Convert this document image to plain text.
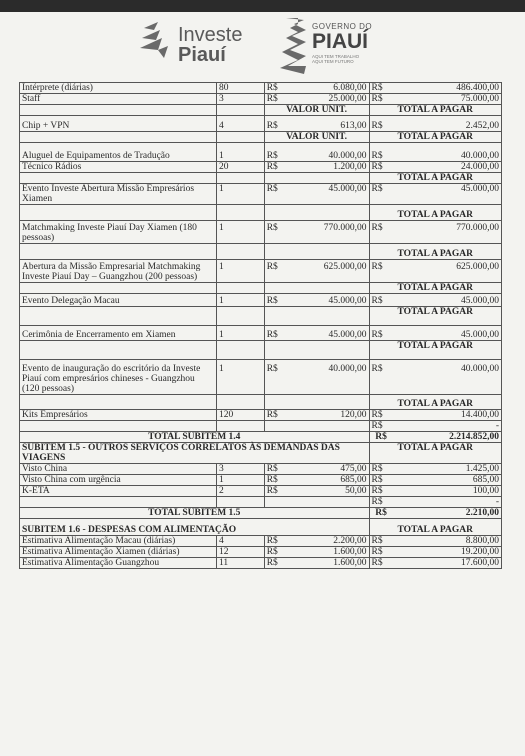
Investe
Piauí
GOVERNO DO
PIAUÍ
AQUI TEM TRABALHO
AQUI TEM FUTURO
Intérprete (diárias)	80	R$	6.080,00	R$	486.400,00
Staff	3	R$	25.000,00	R$	75.000,00
		VALOR UNIT.		TOTAL A PAGAR	
Chip + VPN	4	R$	613,00	R$	2.452,00
		VALOR UNIT.		TOTAL A PAGAR	
Aluguel de Equipamentos de Tradução	1	R$	40.000,00	R$	40.000,00
Técnico Rádios	20	R$	1.200,00	R$	24.000,00
				TOTAL A PAGAR	
Evento Investe Abertura Missão Empresários Xiamen	1	R$	45.000,00	R$	45.000,00
				TOTAL A PAGAR	
Matchmaking Investe Piauí Day Xiamen (180 pessoas)	1	R$	770.000,00	R$	770.000,00
				TOTAL A PAGAR	
Abertura da Missão Empresarial Matchmaking Investe Piauí Day – Guangzhou (200 pessoas)	1	R$	625.000,00	R$	625.000,00
				TOTAL A PAGAR	
Evento Delegação Macau	1	R$	45.000,00	R$	45.000,00
				TOTAL A PAGAR	
Cerimônia de Encerramento em Xiamen	1	R$	45.000,00	R$	45.000,00
				TOTAL A PAGAR	
Evento de inauguração do escritório da Investe Piauí com empresários chineses - Guangzhou (120 pessoas)	1	R$	40.000,00	R$	40.000,00
				TOTAL A PAGAR	
Kits Empresários	120	R$	120,00	R$	14.400,00
				R$	-
TOTAL SUBITEM 1.4				R$	2.214.852,00
SUBITEM 1.5 - OUTROS SERVIÇOS CORRELATOS ÀS DEMANDAS DAS VIAGENS				TOTAL A PAGAR	
Visto China	3	R$	475,00	R$	1.425,00
Visto China com urgência	1	R$	685,00	R$	685,00
K-ETA	2	R$	50,00	R$	100,00
				R$	-
TOTAL SUBITEM 1.5				R$	2.210,00
SUBITEM 1.6 - DESPESAS COM ALIMENTAÇÃO				TOTAL A PAGAR	
Estimativa Alimentação Macau (diárias)	4	R$	2.200,00	R$	8.800,00
Estimativa Alimentação Xiamen (diárias)	12	R$	1.600,00	R$	19.200,00
Estimativa Alimentação Guangzhou	11	R$	1.600,00	R$	17.600,00
